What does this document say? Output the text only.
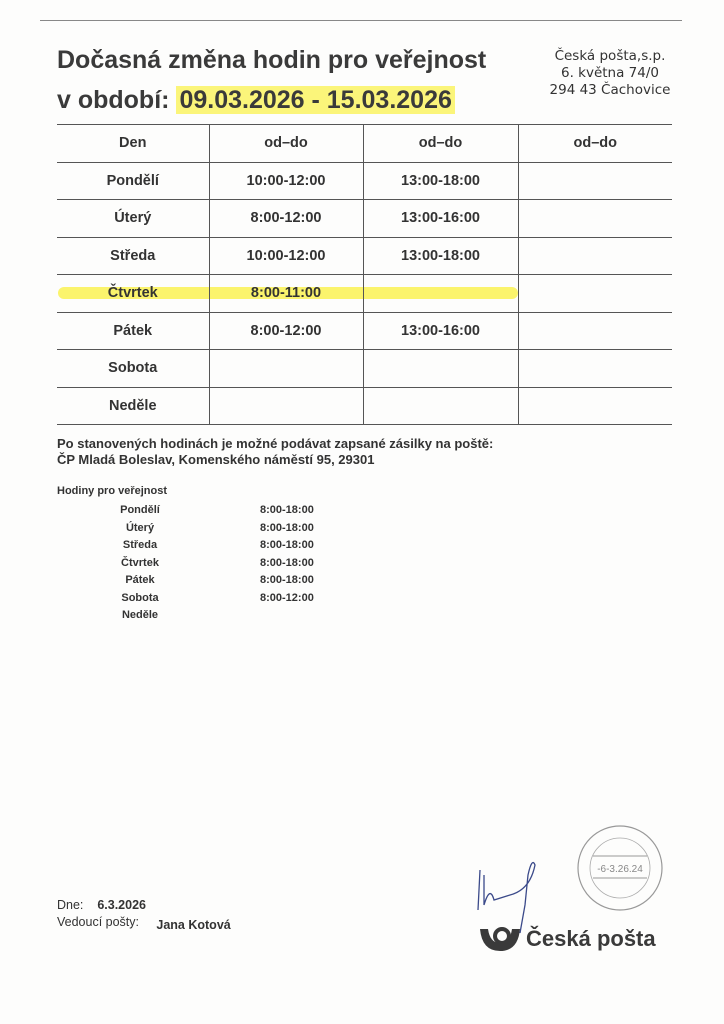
Dočasná změna hodin pro veřejnost
v období: 09.03.2026 - 15.03.2026
Česká pošta,s.p.
6. května 74/0
294 43 Čachovice
Den	od–do	od–do	od–do
Pondělí	10:00-12:00	13:00-18:00	
Úterý	8:00-12:00	13:00-16:00	
Středa	10:00-12:00	13:00-18:00	
Čtvrtek	8:00-11:00		
Pátek	8:00-12:00	13:00-16:00	
Sobota			
Neděle			
Po stanovených hodinách je možné podávat zapsané zásilky na poště:
ČP Mladá Boleslav, Komenského náměstí 95, 29301
Hodiny pro veřejnost
Pondělí	8:00-18:00
Úterý	8:00-18:00
Středa	8:00-18:00
Čtvrtek	8:00-18:00
Pátek	8:00-18:00
Sobota	8:00-12:00
Neděle
Dne: 6.3.2026
Vedoucí pošty: Jana Kotová
-6-3.26.24
Česká pošta
